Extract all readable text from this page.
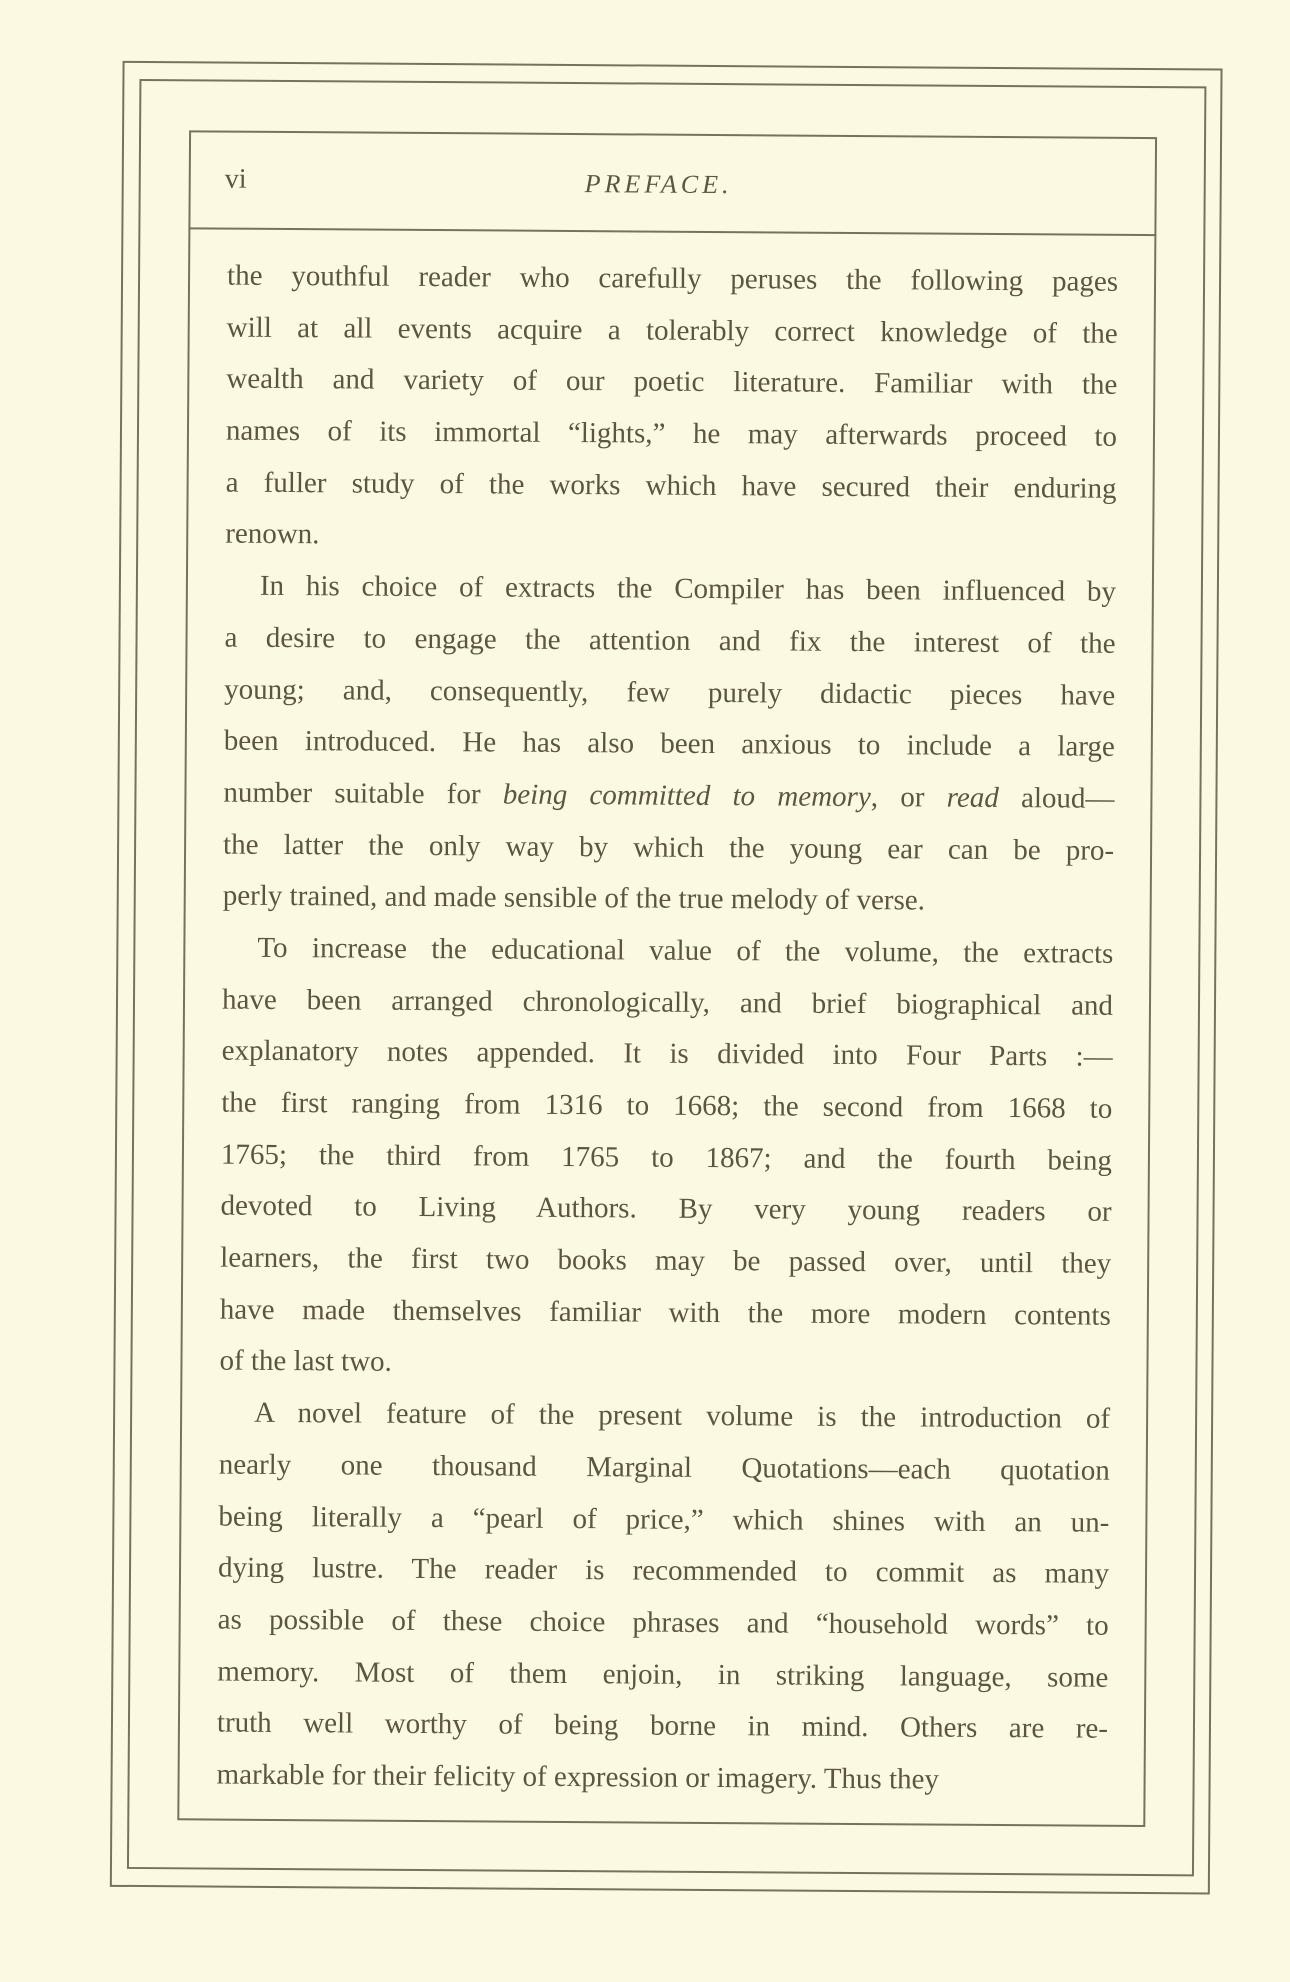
vi	PREFACE.
the youthful reader who carefully peruses the following pages
will at all events acquire a tolerably correct knowledge of the
wealth and variety of our poetic literature. Familiar with the
names of its immortal “lights,” he may afterwards proceed to
a fuller study of the works which have secured their enduring
renown.
In his choice of extracts the Compiler has been influenced by
a desire to engage the attention and fix the interest of the
young; and, consequently, few purely didactic pieces have
been introduced. He has also been anxious to include a large
number suitable for being committed to memory, or read aloud—
the latter the only way by which the young ear can be pro-
perly trained, and made sensible of the true melody of verse.
To increase the educational value of the volume, the extracts
have been arranged chronologically, and brief biographical and
explanatory notes appended. It is divided into Four Parts :—
the first ranging from 1316 to 1668; the second from 1668 to
1765; the third from 1765 to 1867; and the fourth being
devoted to Living Authors. By very young readers or
learners, the first two books may be passed over, until they
have made themselves familiar with the more modern contents
of the last two.
A novel feature of the present volume is the introduction of
nearly one thousand Marginal Quotations—each quotation
being literally a “pearl of price,” which shines with an un-
dying lustre. The reader is recommended to commit as many
as possible of these choice phrases and “household words” to
memory. Most of them enjoin, in striking language, some
truth well worthy of being borne in mind. Others are re-
markable for their felicity of expression or imagery. Thus they
